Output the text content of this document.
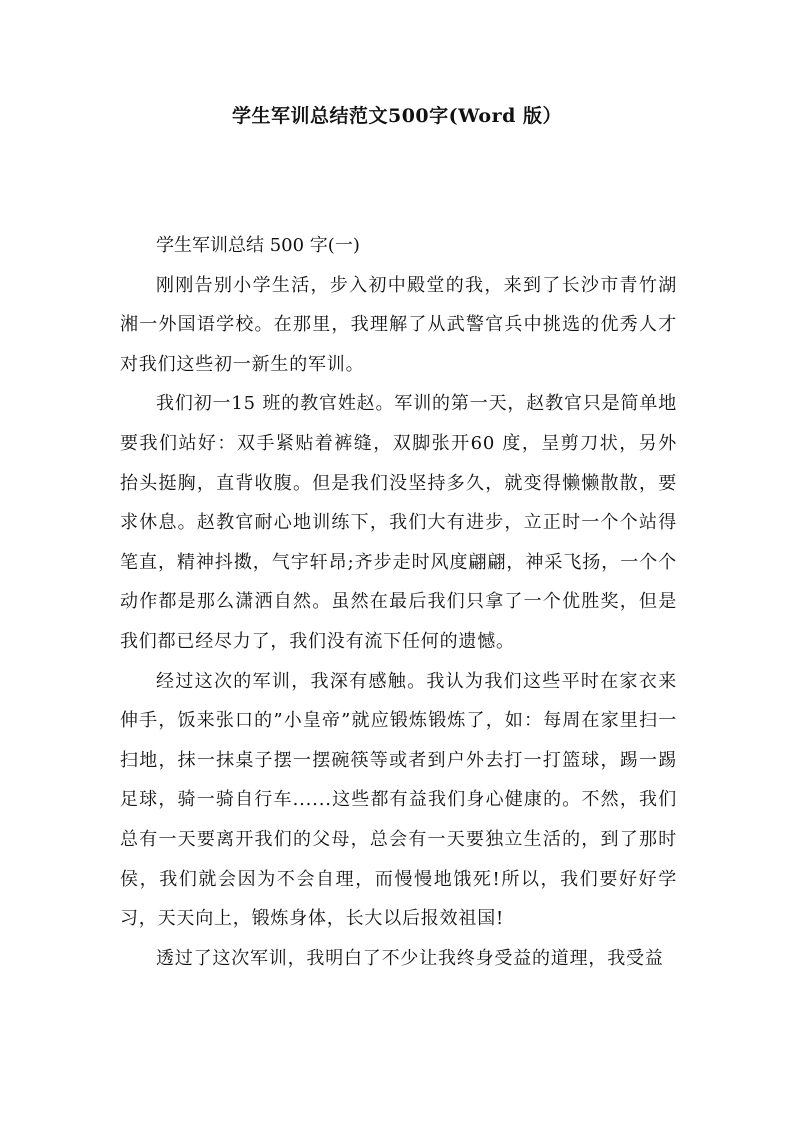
学生军训总结范文500字(Word 版）

学生军训总结 500 字(一)

刚刚告别小学生活，步入初中殿堂的我，来到了长沙市青竹湖湘一外国语学校。在那里，我理解了从武警官兵中挑选的优秀人才对我们这些初一新生的军训。

我们初一15 班的教官姓赵。军训的第一天，赵教官只是简单地要我们站好：双手紧贴着裤缝，双脚张开60 度，呈剪刀状，另外抬头挺胸，直背收腹。但是我们没坚持多久，就变得懒懒散散，要求休息。赵教官耐心地训练下，我们大有进步，立正时一个个站得笔直，精神抖擞，气宇轩昂;齐步走时风度翩翩，神采飞扬，一个个动作都是那么潇洒自然。虽然在最后我们只拿了一个优胜奖，但是我们都已经尽力了，我们没有流下任何的遗憾。

经过这次的军训，我深有感触。我认为我们这些平时在家衣来伸手，饭来张口的”小皇帝”就应锻炼锻炼了，如：每周在家里扫一扫地，抹一抹桌子摆一摆碗筷等或者到户外去打一打篮球，踢一踢足球，骑一骑自行车......这些都有益我们身心健康的。不然，我们总有一天要离开我们的父母，总会有一天要独立生活的，到了那时侯，我们就会因为不会自理，而慢慢地饿死!所以，我们要好好学习，天天向上，锻炼身体，长大以后报效祖国!

透过了这次军训，我明白了不少让我终身受益的道理，我受益
